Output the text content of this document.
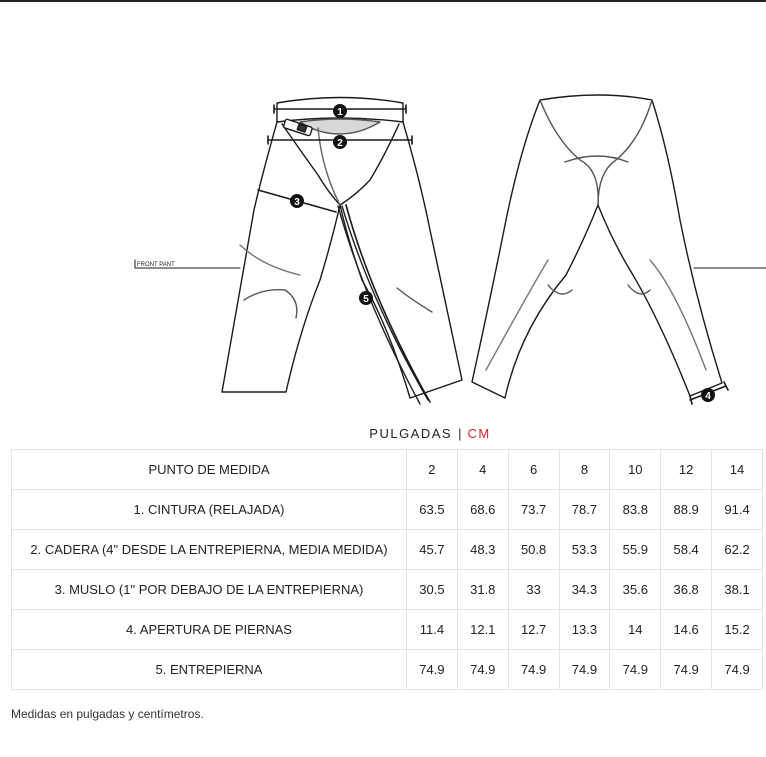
1
2
3
4
5
FRONT PANT
PULGADAS | CM
PUNTO DE MEDIDA	2	4	6	8	10	12	14
1. CINTURA (RELAJADA)	63.5	68.6	73.7	78.7	83.8	88.9	91.4
2. CADERA (4" DESDE LA ENTREPIERNA, MEDIA MEDIDA)	45.7	48.3	50.8	53.3	55.9	58.4	62.2
3. MUSLO (1" POR DEBAJO DE LA ENTREPIERNA)	30.5	31.8	33	34.3	35.6	36.8	38.1
4. APERTURA DE PIERNAS	11.4	12.1	12.7	13.3	14	14.6	15.2
5. ENTREPIERNA	74.9	74.9	74.9	74.9	74.9	74.9	74.9
Medidas en pulgadas y centímetros.
